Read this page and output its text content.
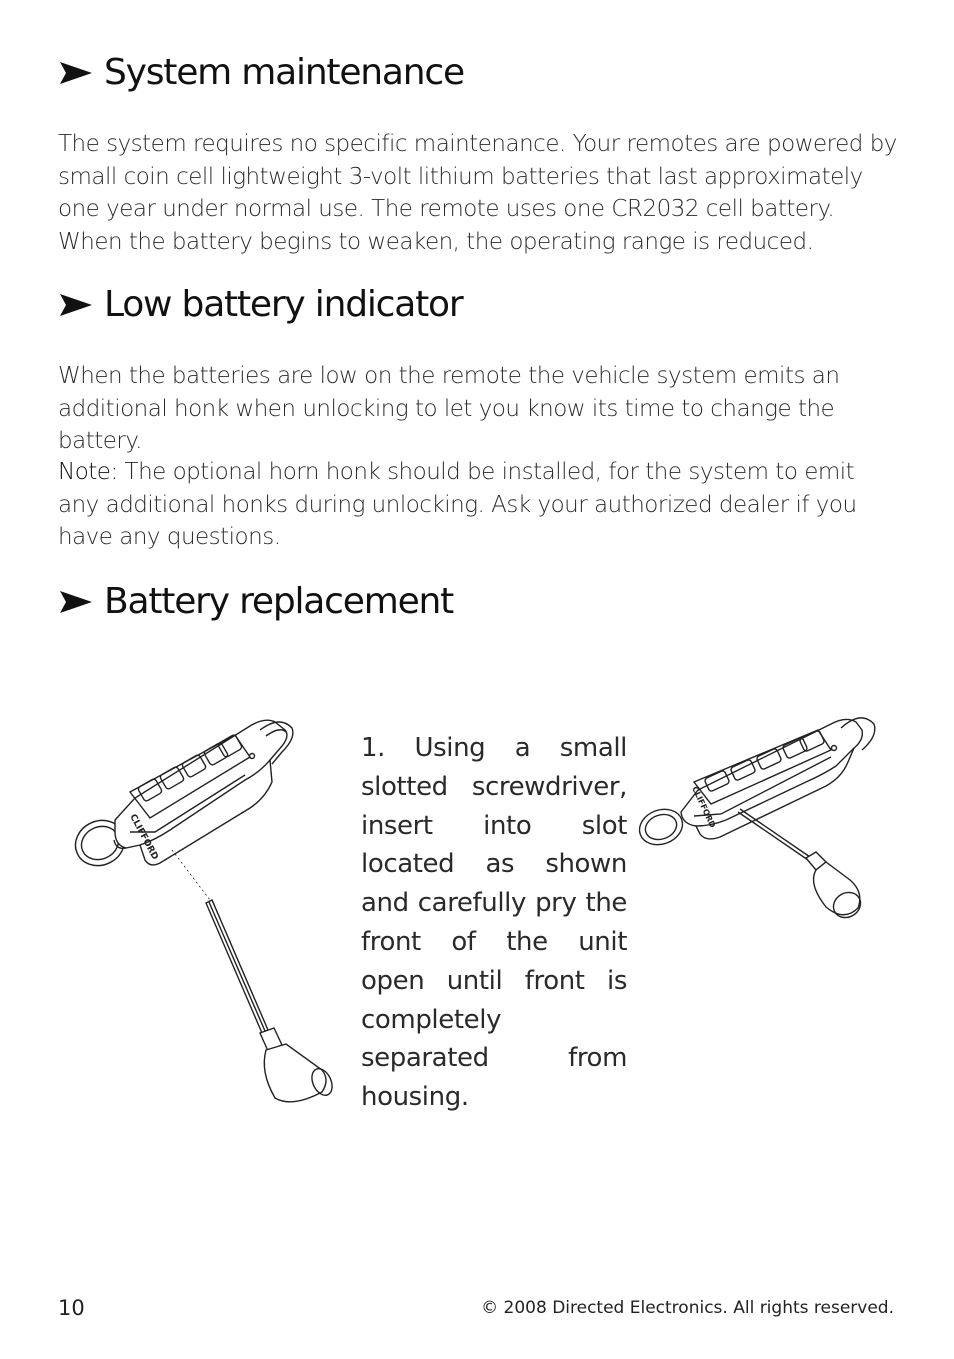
System maintenance

The system requires no specific maintenance. Your remotes are powered by small coin cell lightweight 3-volt lithium batteries that last approximately one year under normal use. The remote uses one CR2032 cell battery. When the battery begins to weaken, the operating range is reduced.

Low battery indicator

When the batteries are low on the remote the vehicle system emits an additional honk when unlocking to let you know its time to change the battery.

Note: The optional horn honk should be installed, for the system to emit any additional honks during unlocking. Ask your authorized dealer if you have any questions.

Battery replacement
CLIFFORD

1. Using a small slotted screwdriver, insert into slot located as shown and carefully pry the front of the unit open until front is completely separated from housing.

CLIFFORD
10	© 2008 Directed Electronics. All rights reserved.
